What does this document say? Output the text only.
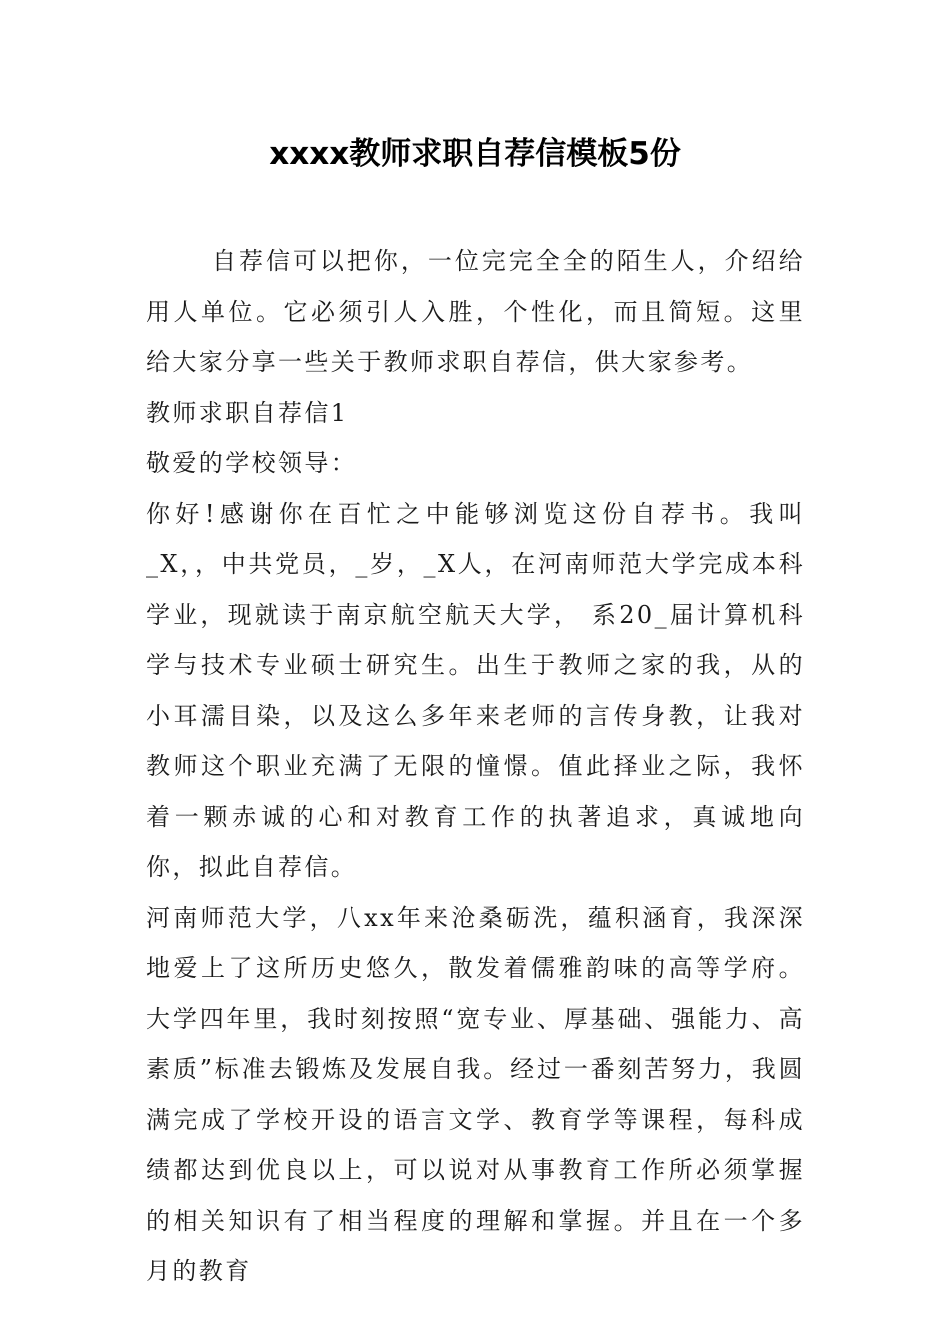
xxxx教师求职自荐信模板5份

自荐信可以把你，一位完完全全的陌生人，介绍给用人单位。它必须引人入胜，个性化，而且简短。这里给大家分享一些关于教师求职自荐信，供大家参考。

教师求职自荐信1

敬爱的学校领导：

你好!感谢你在百忙之中能够浏览这份自荐书。我叫_X，，中共党员，_岁，_X人，在河南师范大学完成本科学业，现就读于南京航空航天大学， 系20_届计算机科学与技术专业硕士研究生。出生于教师之家的我，从的小耳濡目染，以及这么多年来老师的言传身教，让我对教师这个职业充满了无限的憧憬。值此择业之际，我怀着一颗赤诚的心和对教育工作的执著追求，真诚地向你，拟此自荐信。

河南师范大学，八xx年来沧桑砺洗，蕴积涵育，我深深地爱上了这所历史悠久，散发着儒雅韵味的高等学府。大学四年里，我时刻按照“宽专业、厚基础、强能力、高素质”标准去锻炼及发展自我。经过一番刻苦努力，我圆满完成了学校开设的语言文学、教育学等课程，每科成绩都达到优良以上，可以说对从事教育工作所必须掌握的相关知识有了相当程度的理解和掌握。并且在一个多月的教育
